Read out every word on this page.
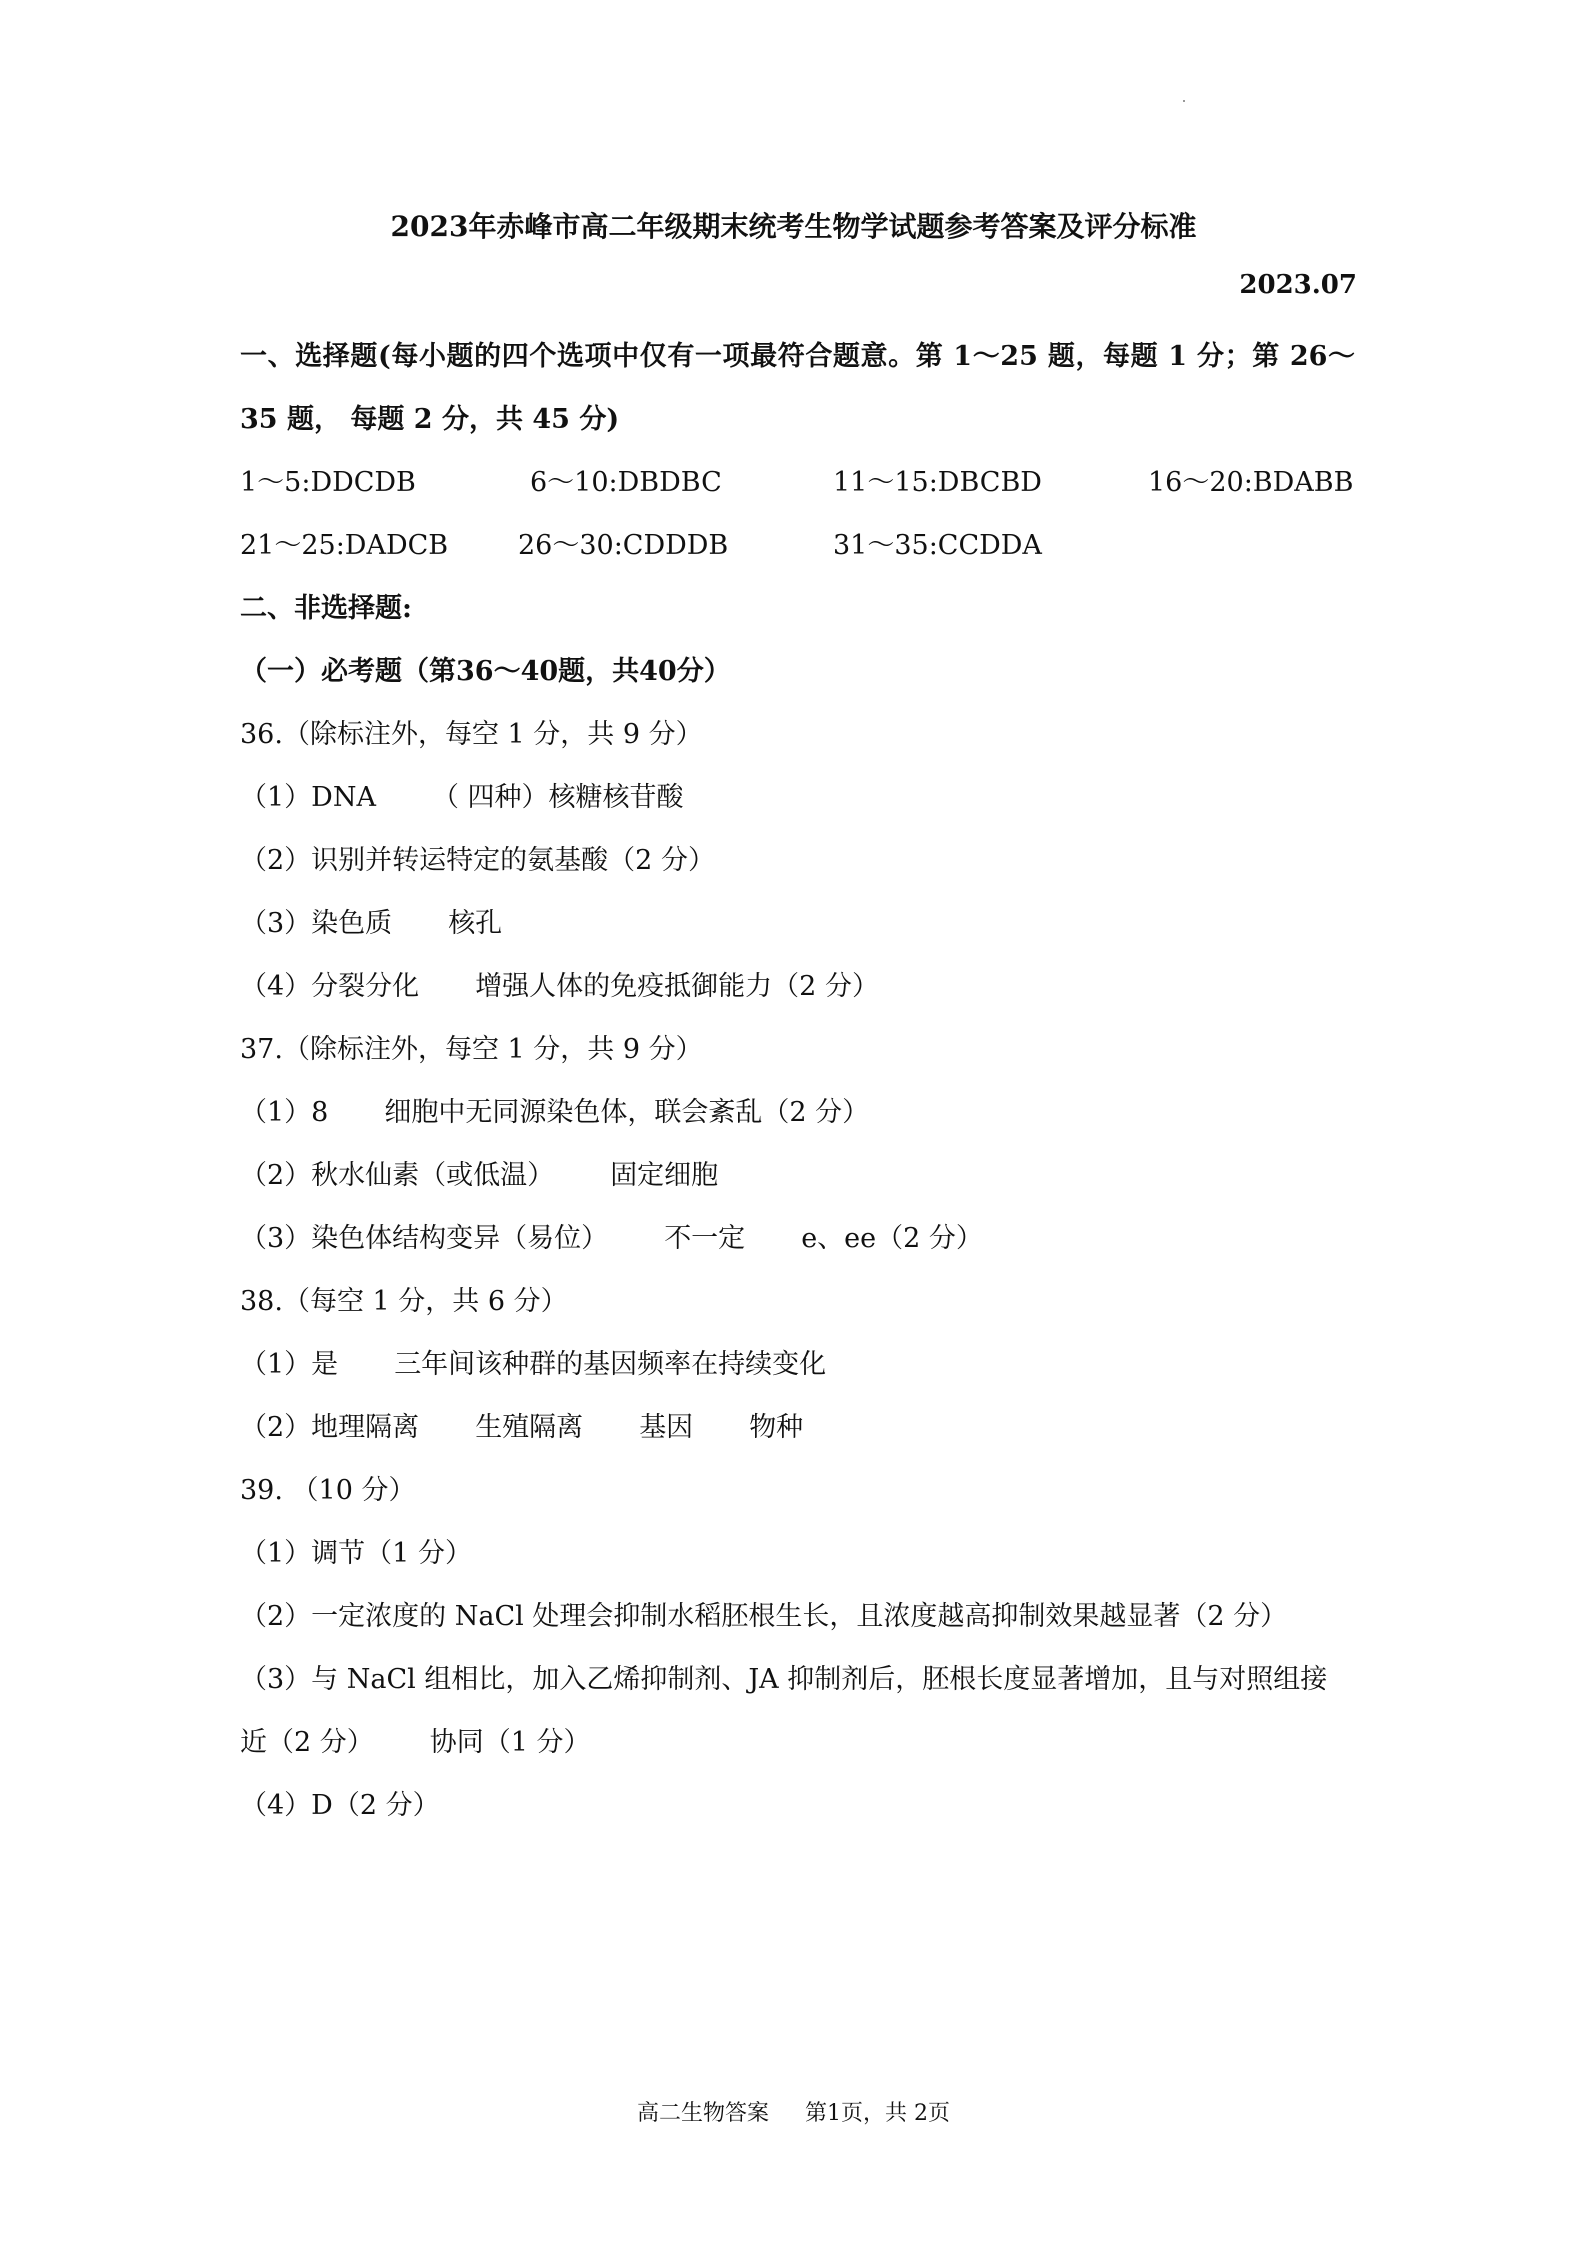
2023年赤峰市高二年级期末统考生物学试题参考答案及评分标准
2023.07
一、选择题(每小题的四个选项中仅有一项最符合题意。第 1～25 题，每题 1 分；第 26～35 题， 每题 2 分，共 45 分)
1～5:DDCDB	6～10:DBDBC	11～15:DBCBD	16～20:BDABB
21～25:DADCB	26～30:CDDDB	31～35:CCDDA
二、非选择题:
（一）必考题（第36～40题，共40分）
36.（除标注外，每空 1 分，共 9 分）
（1）DNA （ 四种）核糖核苷酸
（2）识别并转运特定的氨基酸（2 分）
（3）染色质 核孔
（4）分裂分化 增强人体的免疫抵御能力（2 分）
37.（除标注外，每空 1 分，共 9 分）
（1）8 细胞中无同源染色体，联会紊乱（2 分）
（2）秋水仙素（或低温） 固定细胞
（3）染色体结构变异（易位） 不一定 e、ee（2 分）
38.（每空 1 分，共 6 分）
（1）是 三年间该种群的基因频率在持续变化
（2）地理隔离 生殖隔离 基因 物种
39. （10 分）
（1）调节（1 分）
（2）一定浓度的 NaCl 处理会抑制水稻胚根生长，且浓度越高抑制效果越显著（2 分）
（3）与 NaCl 组相比，加入乙烯抑制剂、JA 抑制剂后，胚根长度显著增加，且与对照组接
近（2 分） 协同（1 分）
（4）D（2 分）
高二生物答案 第1页，共 2页
